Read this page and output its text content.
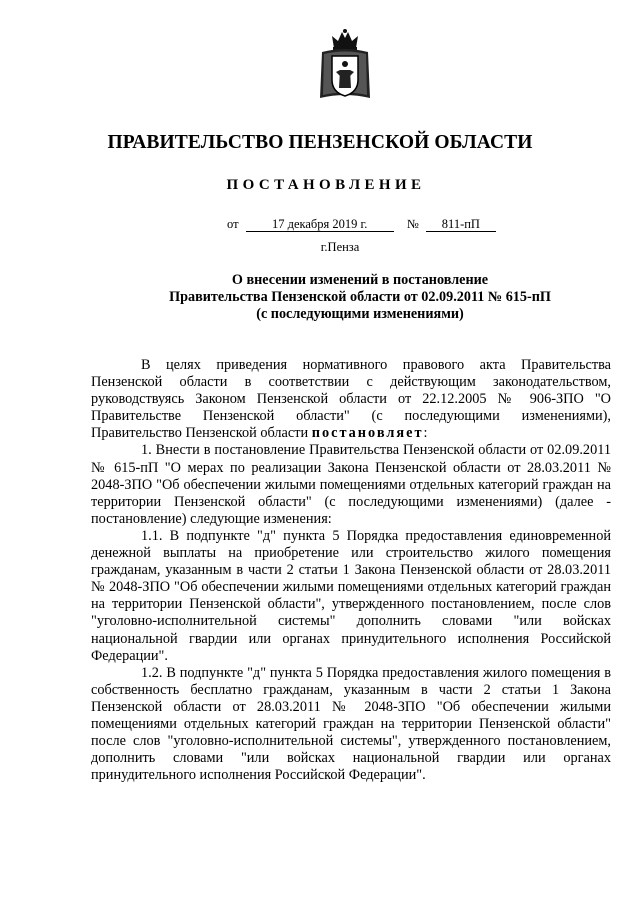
ПРАВИТЕЛЬСТВО ПЕНЗЕНСКОЙ ОБЛАСТИ
ПОСТАНОВЛЕНИЕ
от	17 декабря 2019 г.	№ 811-пП
г.Пенза
О внесении изменений в постановление
Правительства Пензенской области от 02.09.2011 № 615-пП
(с последующими изменениями)

В целях приведения нормативного правового акта Правительства Пензенской области в соответствии с действующим законодательством, руководствуясь Законом Пензенской области от 22.12.2005 № 906-ЗПО "О Правительстве Пензенской области" (с последующими изменениями), Правительство Пензенской области постановляет:

1. Внести в постановление Правительства Пензенской области от 02.09.2011 № 615-пП "О мерах по реализации Закона Пензенской области от 28.03.2011 № 2048-ЗПО "Об обеспечении жилыми помещениями отдельных категорий граждан на территории Пензенской области" (с последующими изменениями) (далее - постановление) следующие изменения:

1.1. В подпункте "д" пункта 5 Порядка предоставления единовременной денежной выплаты на приобретение или строительство жилого помещения гражданам, указанным в части 2 статьи 1 Закона Пензенской области от 28.03.2011 № 2048-ЗПО "Об обеспечении жилыми помещениями отдельных категорий граждан на территории Пензенской области", утвержденного постановлением, после слов "уголовно-исполнительной системы" дополнить словами "или войсках национальной гвардии или органах принудительного исполнения Российской Федерации".

1.2. В подпункте "д" пункта 5 Порядка предоставления жилого помещения в собственность бесплатно гражданам, указанным в части 2 статьи 1 Закона Пензенской области от 28.03.2011 № 2048-ЗПО "Об обеспечении жилыми помещениями отдельных категорий граждан на территории Пензенской области" после слов "уголовно-исполнительной системы", утвержденного постановлением, дополнить словами "или войсках национальной гвардии или органах принудительного исполнения Российской Федерации".
